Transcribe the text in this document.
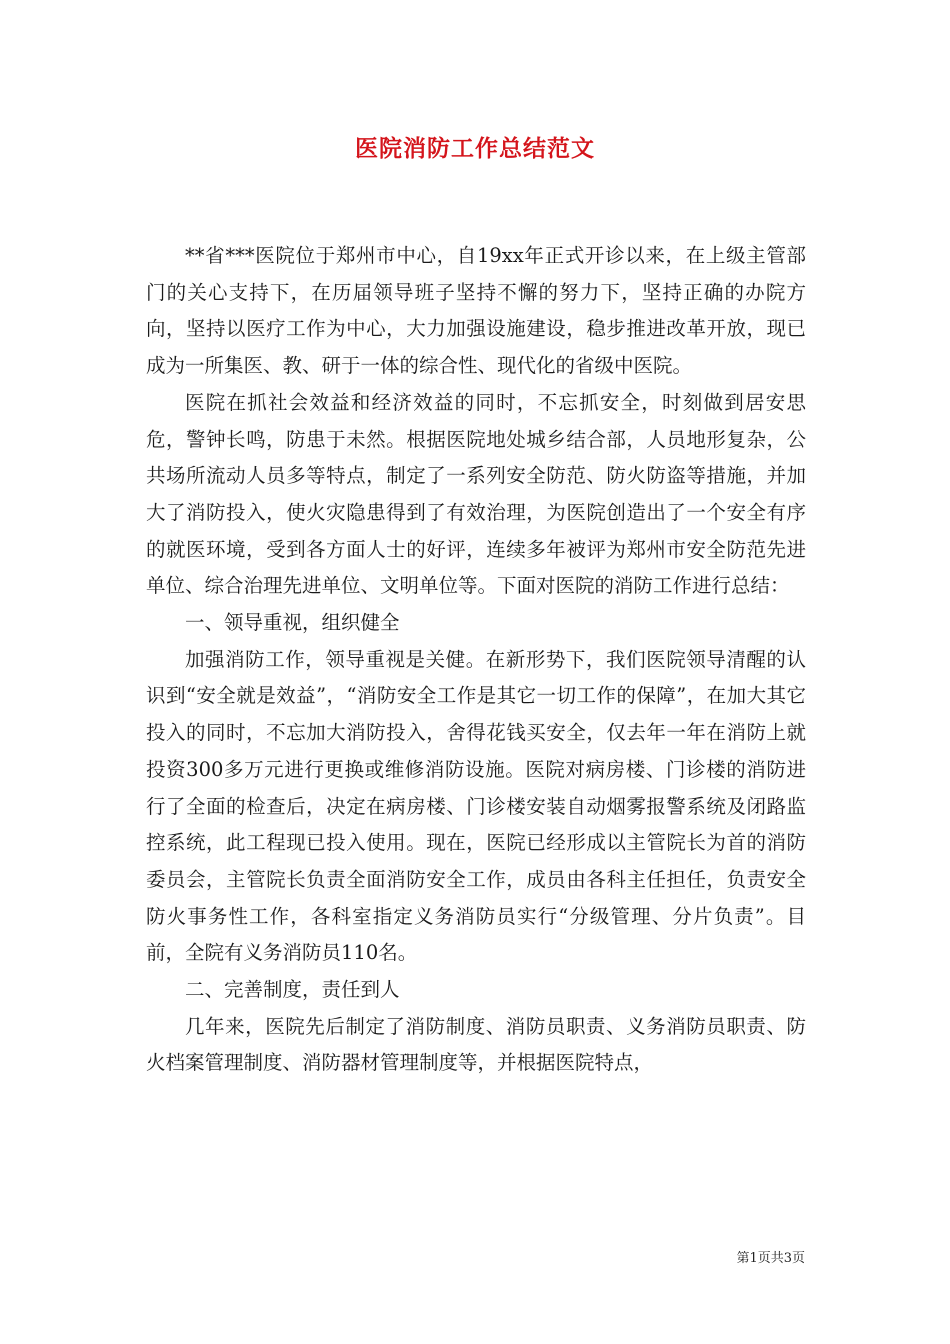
医院消防工作总结范文

**省***医院位于郑州市中心，自19xx年正式开诊以来，在上级主管部门的关心支持下，在历届领导班子坚持不懈的努力下，坚持正确的办院方向，坚持以医疗工作为中心，大力加强设施建设，稳步推进改革开放，现已成为一所集医、教、研于一体的综合性、现代化的省级中医院。

医院在抓社会效益和经济效益的同时，不忘抓安全，时刻做到居安思危，警钟长鸣，防患于未然。根据医院地处城乡结合部，人员地形复杂，公共场所流动人员多等特点，制定了一系列安全防范、防火防盗等措施，并加大了消防投入，使火灾隐患得到了有效治理，为医院创造出了一个安全有序的就医环境，受到各方面人士的好评，连续多年被评为郑州市安全防范先进单位、综合治理先进单位、文明单位等。下面对医院的消防工作进行总结：

一、领导重视，组织健全

加强消防工作，领导重视是关健。在新形势下，我们医院领导清醒的认识到“安全就是效益”，“消防安全工作是其它一切工作的保障”，在加大其它投入的同时，不忘加大消防投入，舍得花钱买安全，仅去年一年在消防上就投资300多万元进行更换或维修消防设施。医院对病房楼、门诊楼的消防进行了全面的检查后，决定在病房楼、门诊楼安装自动烟雾报警系统及闭路监控系统，此工程现已投入使用。现在，医院已经形成以主管院长为首的消防委员会，主管院长负责全面消防安全工作，成员由各科主任担任，负责安全防火事务性工作，各科室指定义务消防员实行“分级管理、分片负责”。目前，全院有义务消防员110名。

二、完善制度，责任到人

几年来，医院先后制定了消防制度、消防员职责、义务消防员职责、防火档案管理制度、消防器材管理制度等，并根据医院特点，

第1页共3页
